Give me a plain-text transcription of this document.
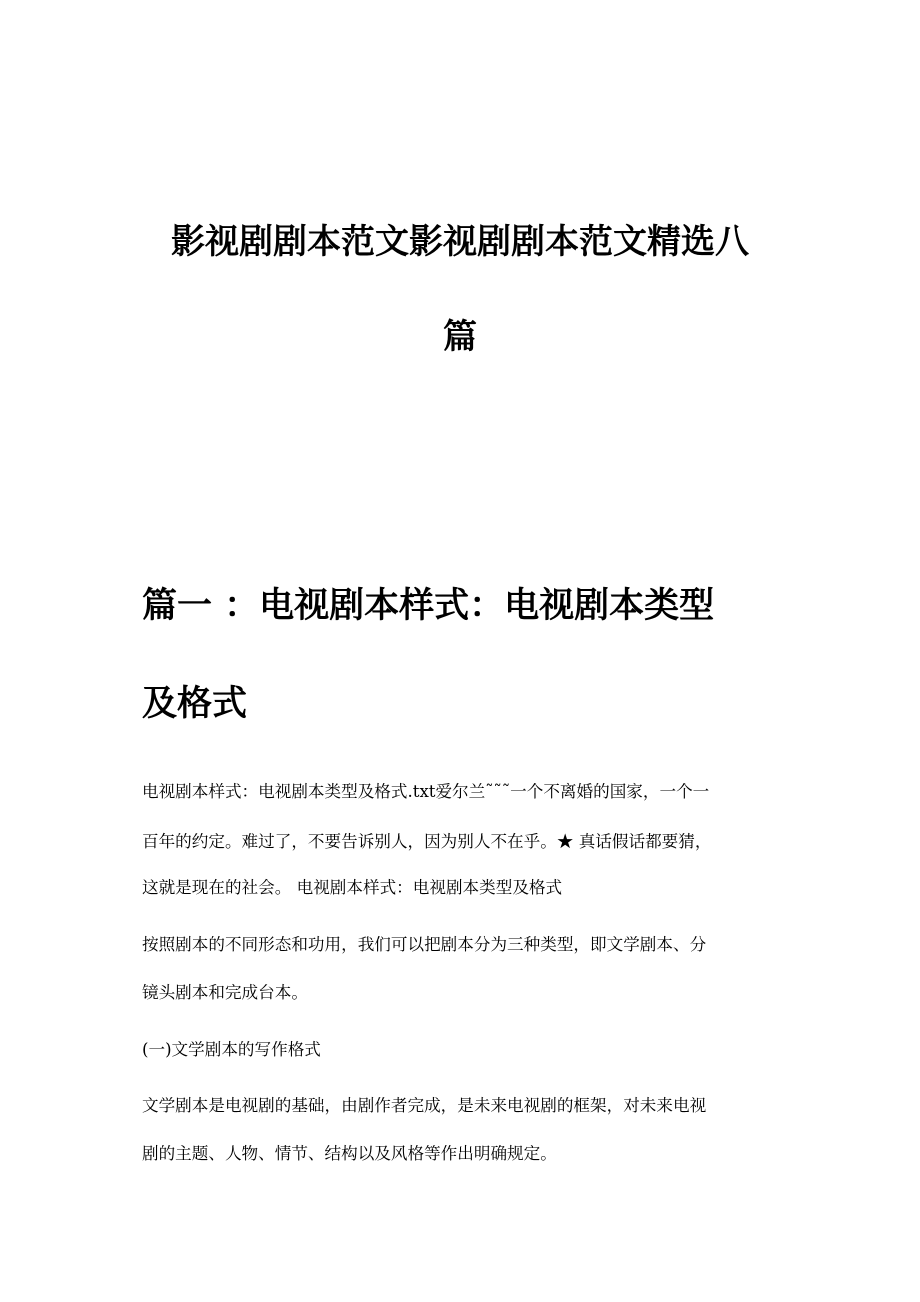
影视剧剧本范文影视剧剧本范文精选八
篇
篇一 ：电视剧本样式：电视剧本类型
及格式

电视剧本样式：电视剧本类型及格式.txt爱尔兰˜˜˜一个不离婚的国家，一个一

百年的约定。难过了，不要告诉别人，因为别人不在乎。★ 真话假话都要猜，

这就是现在的社会。 电视剧本样式：电视剧本类型及格式

按照剧本的不同形态和功用，我们可以把剧本分为三种类型，即文学剧本、分

镜头剧本和完成台本。

(一)文学剧本的写作格式

文学剧本是电视剧的基础，由剧作者完成，是未来电视剧的框架，对未来电视

剧的主题、人物、情节、结构以及风格等作出明确规定。
